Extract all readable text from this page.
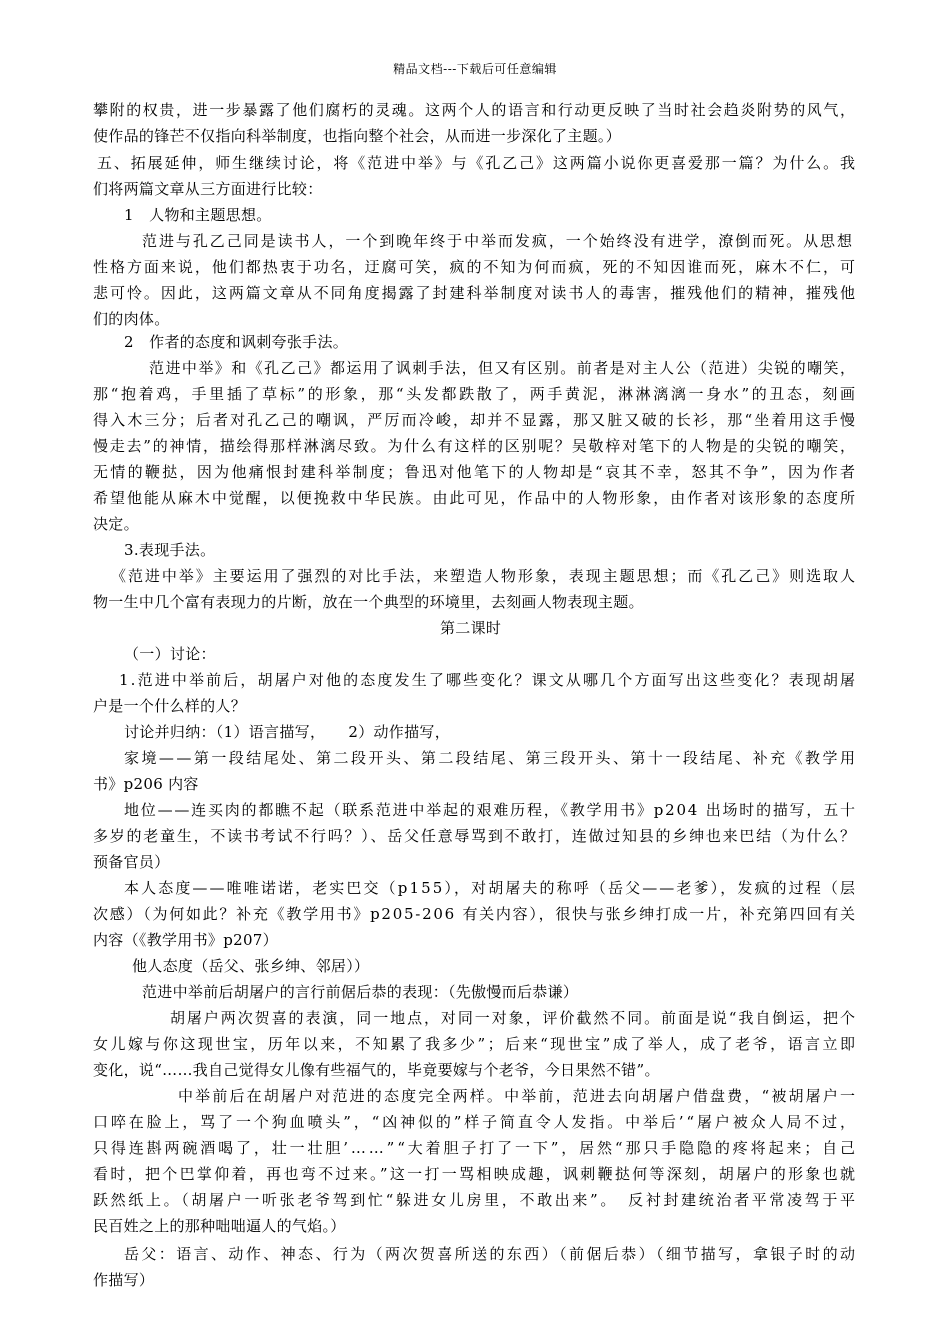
精品文档---下载后可任意编辑
攀附的权贵，进一步暴露了他们腐朽的灵魂。这两个人的语言和行动更反映了当时社会趋炎附势的风气，
使作品的锋芒不仅指向科举制度，也指向整个社会，从而进一步深化了主题。）
五、拓展延伸，师生继续讨论，将《范进中举》与《孔乙己》这两篇小说你更喜爱那一篇？为什么。我
们将两篇文章从三方面进行比较：
1　人物和主题思想。
范进与孔乙己同是读书人，一个到晚年终于中举而发疯，一个始终没有进学，潦倒而死。从思想
性格方面来说，他们都热衷于功名，迂腐可笑，疯的不知为何而疯，死的不知因谁而死，麻木不仁，可
悲可怜。因此，这两篇文章从不同角度揭露了封建科举制度对读书人的毒害，摧残他们的精神，摧残他
们的肉体。
2　作者的态度和讽刺夸张手法。
范进中举》和《孔乙己》都运用了讽刺手法，但又有区别。前者是对主人公（范进）尖锐的嘲笑，
那“抱着鸡，手里插了草标”的形象，那“头发都跌散了，两手黄泥，淋淋漓漓一身水”的丑态，刻画
得入木三分；后者对孔乙己的嘲讽，严厉而冷峻，却并不显露，那又脏又破的长衫，那“坐着用这手慢
慢走去”的神情，描绘得那样淋漓尽致。为什么有这样的区别呢？吴敬梓对笔下的人物是的尖锐的嘲笑，
无情的鞭挞，因为他痛恨封建科举制度；鲁迅对他笔下的人物却是“哀其不幸，怒其不争”，因为作者
希望他能从麻木中觉醒，以便挽救中华民族。由此可见，作品中的人物形象，由作者对该形象的态度所
决定。
3.表现手法。
《范进中举》主要运用了强烈的对比手法，来塑造人物形象，表现主题思想；而《孔乙己》则选取人
物一生中几个富有表现力的片断，放在一个典型的环境里，去刻画人物表现主题。
第二课时
（一）讨论：
1.范进中举前后，胡屠户对他的态度发生了哪些变化？课文从哪几个方面写出这些变化？表现胡屠
户是一个什么样的人？
讨论并归纳：（1）语言描写，　　2）动作描写，
家境——第一段结尾处、第二段开头、第二段结尾、第三段开头、第十一段结尾、补充《教学用
书》p206 内容
地位——连买肉的都瞧不起（联系范进中举起的艰难历程，《教学用书》p204 出场时的描写，五十
多岁的老童生，不读书考试不行吗？）、岳父任意辱骂到不敢打，连做过知县的乡绅也来巴结（为什么？
预备官员）
本人态度——唯唯诺诺，老实巴交（p155），对胡屠夫的称呼（岳父——老爹），发疯的过程（层
次感）（为何如此？补充《教学用书》p205-206 有关内容），很快与张乡绅打成一片，补充第四回有关
内容（《教学用书》p207）
他人态度（岳父、张乡绅、邻居））
范进中举前后胡屠户的言行前倨后恭的表现：（先傲慢而后恭谦）
胡屠户两次贺喜的表演，同一地点，对同一对象，评价截然不同。前面是说“我自倒运，把个
女儿嫁与你这现世宝，历年以来，不知累了我多少”；后来“现世宝”成了举人，成了老爷，语言立即
变化，说“……我自己觉得女儿像有些福气的，毕竟要嫁与个老爷，今日果然不错”。
中举前后在胡屠户对范进的态度完全两样。中举前，范进去向胡屠户借盘费，“被胡屠户一
口啐在脸上，骂了一个狗血喷头”，“凶神似的”样子简直令人发指。中举后’“屠户被众人局不过，
只得连斟两碗酒喝了，壮一壮胆’……”“大着胆子打了一下”，居然“那只手隐隐的疼将起来；自己
看时，把个巴掌仰着，再也弯不过来。”这一打一骂相映成趣，讽刺鞭挞何等深刻，胡屠户的形象也就
跃然纸上。（胡屠户一听张老爷驾到忙“躲进女儿房里，不敢出来”。　反衬封建统治者平常凌驾于平
民百姓之上的那种咄咄逼人的气焰。）
岳父：语言、动作、神态、行为（两次贺喜所送的东西）（前倨后恭）（细节描写，拿银子时的动
作描写）
